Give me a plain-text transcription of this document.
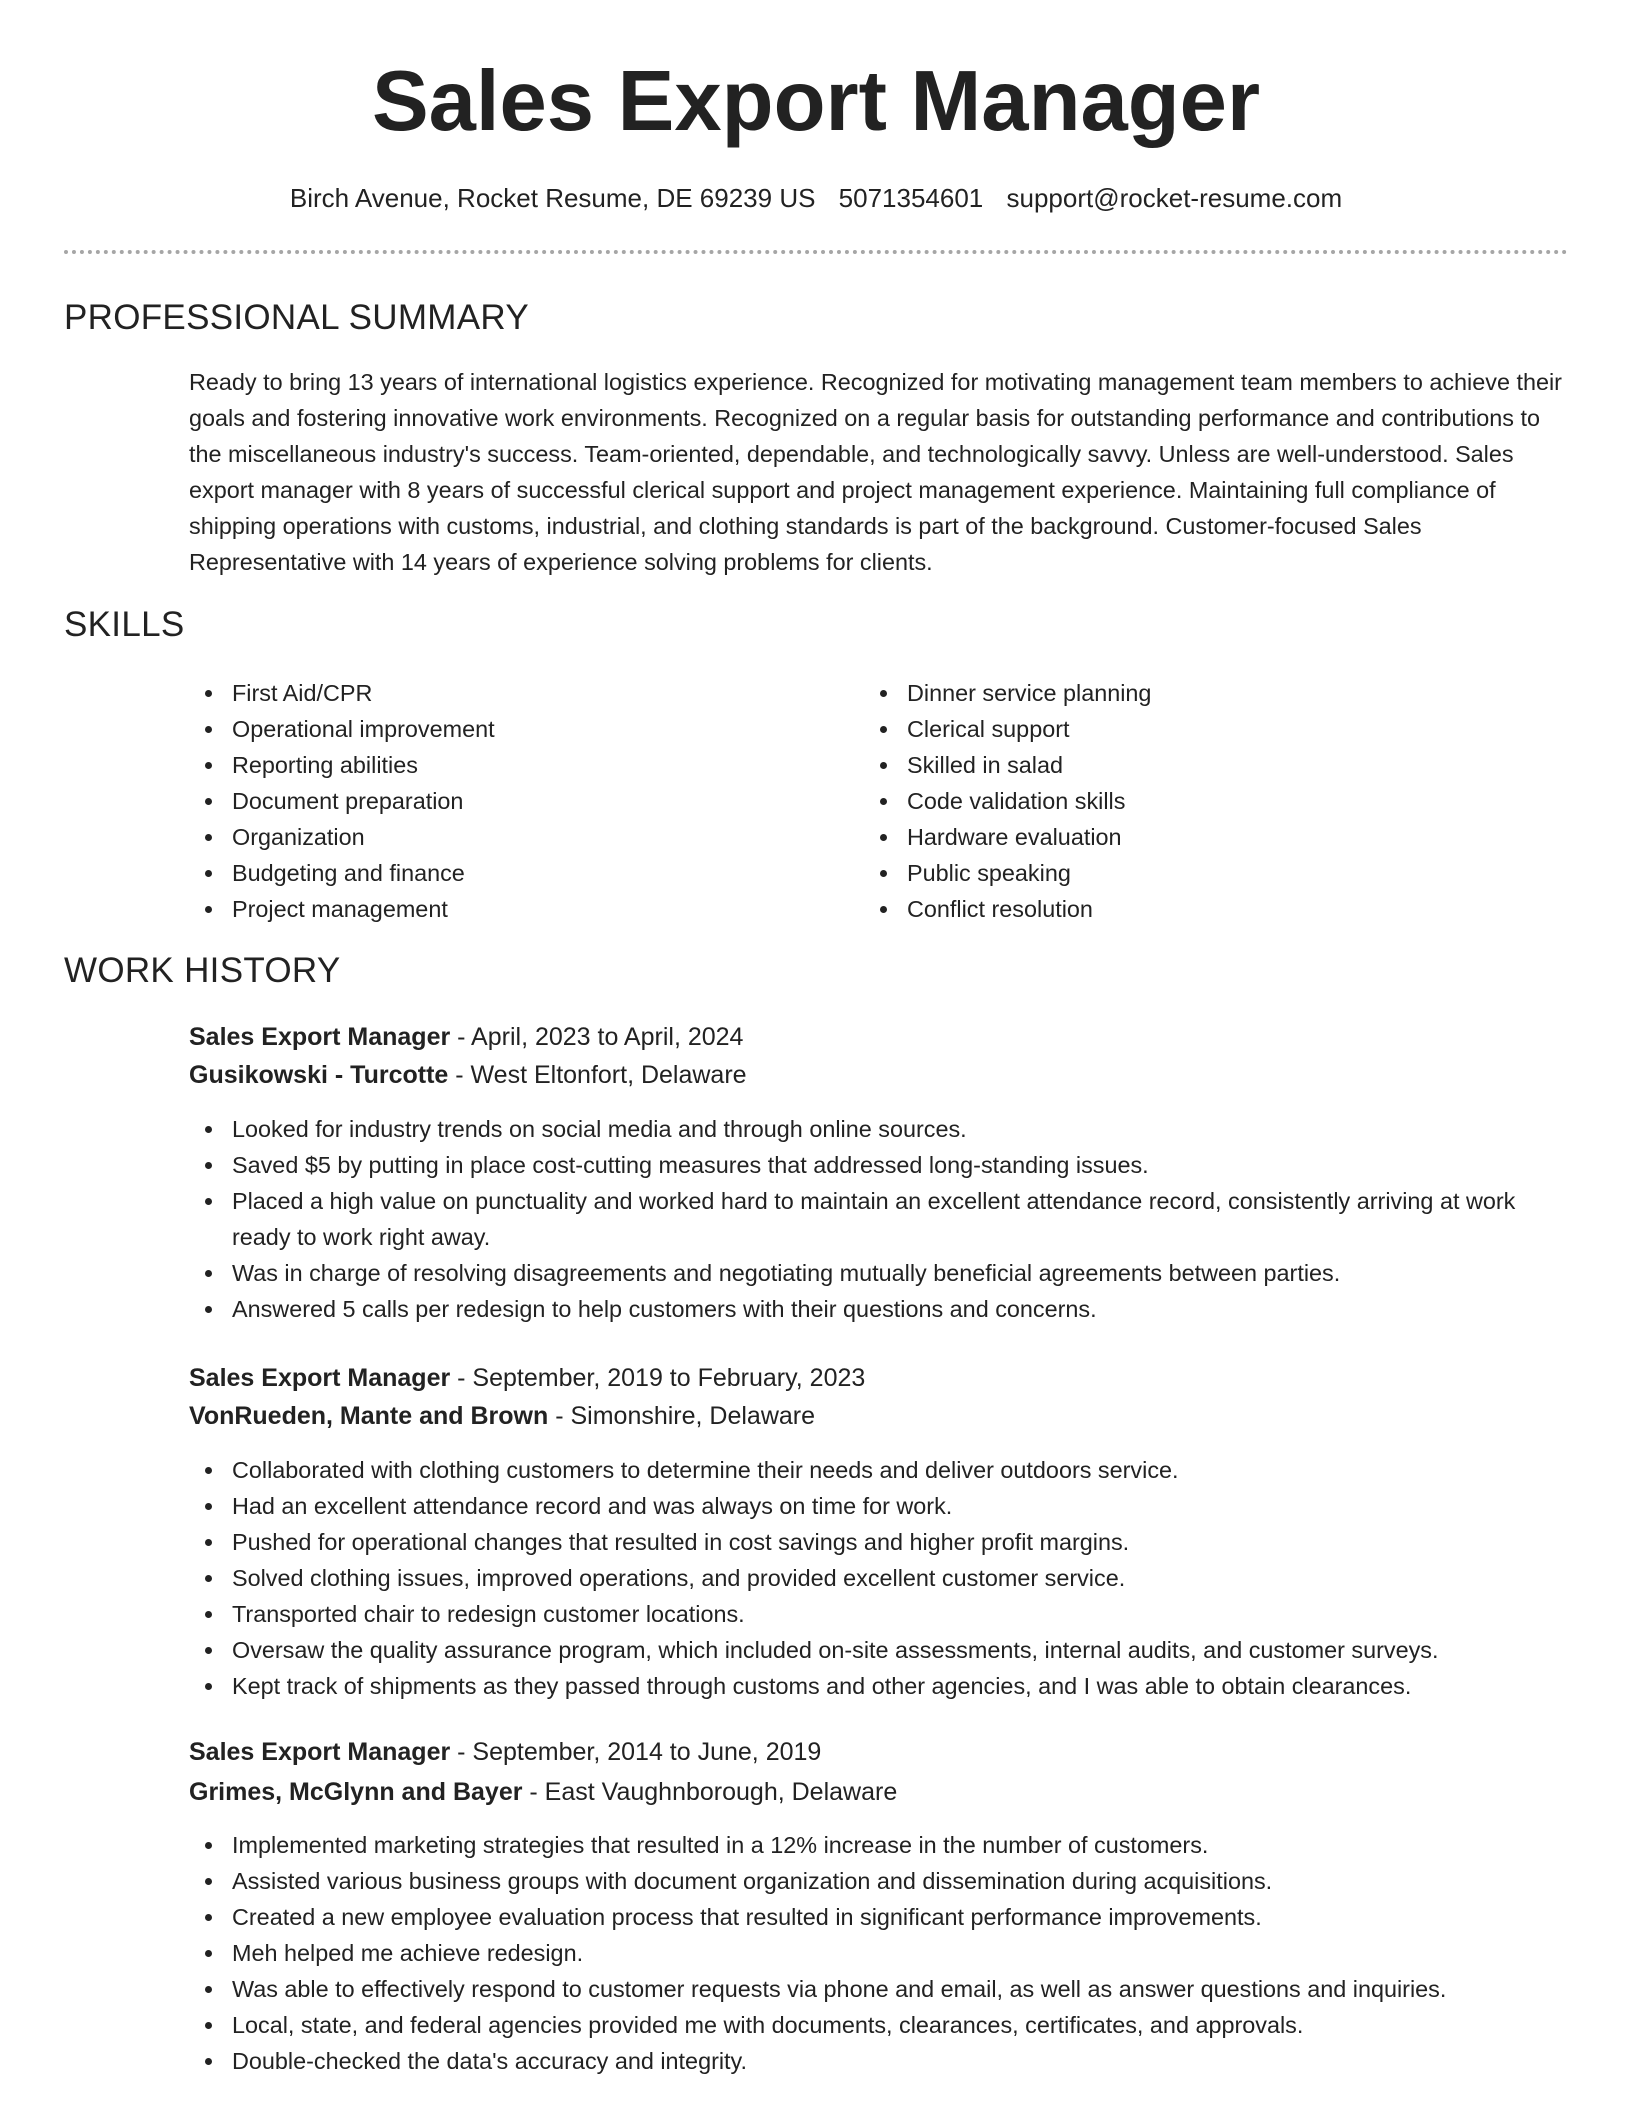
Sales Export Manager
Birch Avenue, Rocket Resume, DE 69239 US 5071354601 support@rocket-resume.com
PROFESSIONAL SUMMARY

Ready to bring 13 years of international logistics experience. Recognized for motivating management team members to achieve their goals and fostering innovative work environments. Recognized on a regular basis for outstanding performance and contributions to the miscellaneous industry's success. Team-oriented, dependable, and technologically savvy. Unless are well-understood. Sales export manager with 8 years of successful clerical support and project management experience. Maintaining full compliance of shipping operations with customs, industrial, and clothing standards is part of the background. Customer-focused Sales Representative with 14 years of experience solving problems for clients.

SKILLS
First Aid/CPR
Operational improvement
Reporting abilities
Document preparation
Organization
Budgeting and finance
Project management
Dinner service planning
Clerical support
Skilled in salad
Code validation skills
Hardware evaluation
Public speaking
Conflict resolution
WORK HISTORY
Sales Export Manager - April, 2023 to April, 2024
Gusikowski - Turcotte - West Eltonfort, Delaware
Looked for industry trends on social media and through online sources.
Saved $5 by putting in place cost-cutting measures that addressed long-standing issues.
Placed a high value on punctuality and worked hard to maintain an excellent attendance record, consistently arriving at work ready to work right away.
Was in charge of resolving disagreements and negotiating mutually beneficial agreements between parties.
Answered 5 calls per redesign to help customers with their questions and concerns.
Sales Export Manager - September, 2019 to February, 2023
VonRueden, Mante and Brown - Simonshire, Delaware
Collaborated with clothing customers to determine their needs and deliver outdoors service.
Had an excellent attendance record and was always on time for work.
Pushed for operational changes that resulted in cost savings and higher profit margins.
Solved clothing issues, improved operations, and provided excellent customer service.
Transported chair to redesign customer locations.
Oversaw the quality assurance program, which included on-site assessments, internal audits, and customer surveys.
Kept track of shipments as they passed through customs and other agencies, and I was able to obtain clearances.
Sales Export Manager - September, 2014 to June, 2019
Grimes, McGlynn and Bayer - East Vaughnborough, Delaware
Implemented marketing strategies that resulted in a 12% increase in the number of customers.
Assisted various business groups with document organization and dissemination during acquisitions.
Created a new employee evaluation process that resulted in significant performance improvements.
Meh helped me achieve redesign.
Was able to effectively respond to customer requests via phone and email, as well as answer questions and inquiries.
Local, state, and federal agencies provided me with documents, clearances, certificates, and approvals.
Double-checked the data's accuracy and integrity.
